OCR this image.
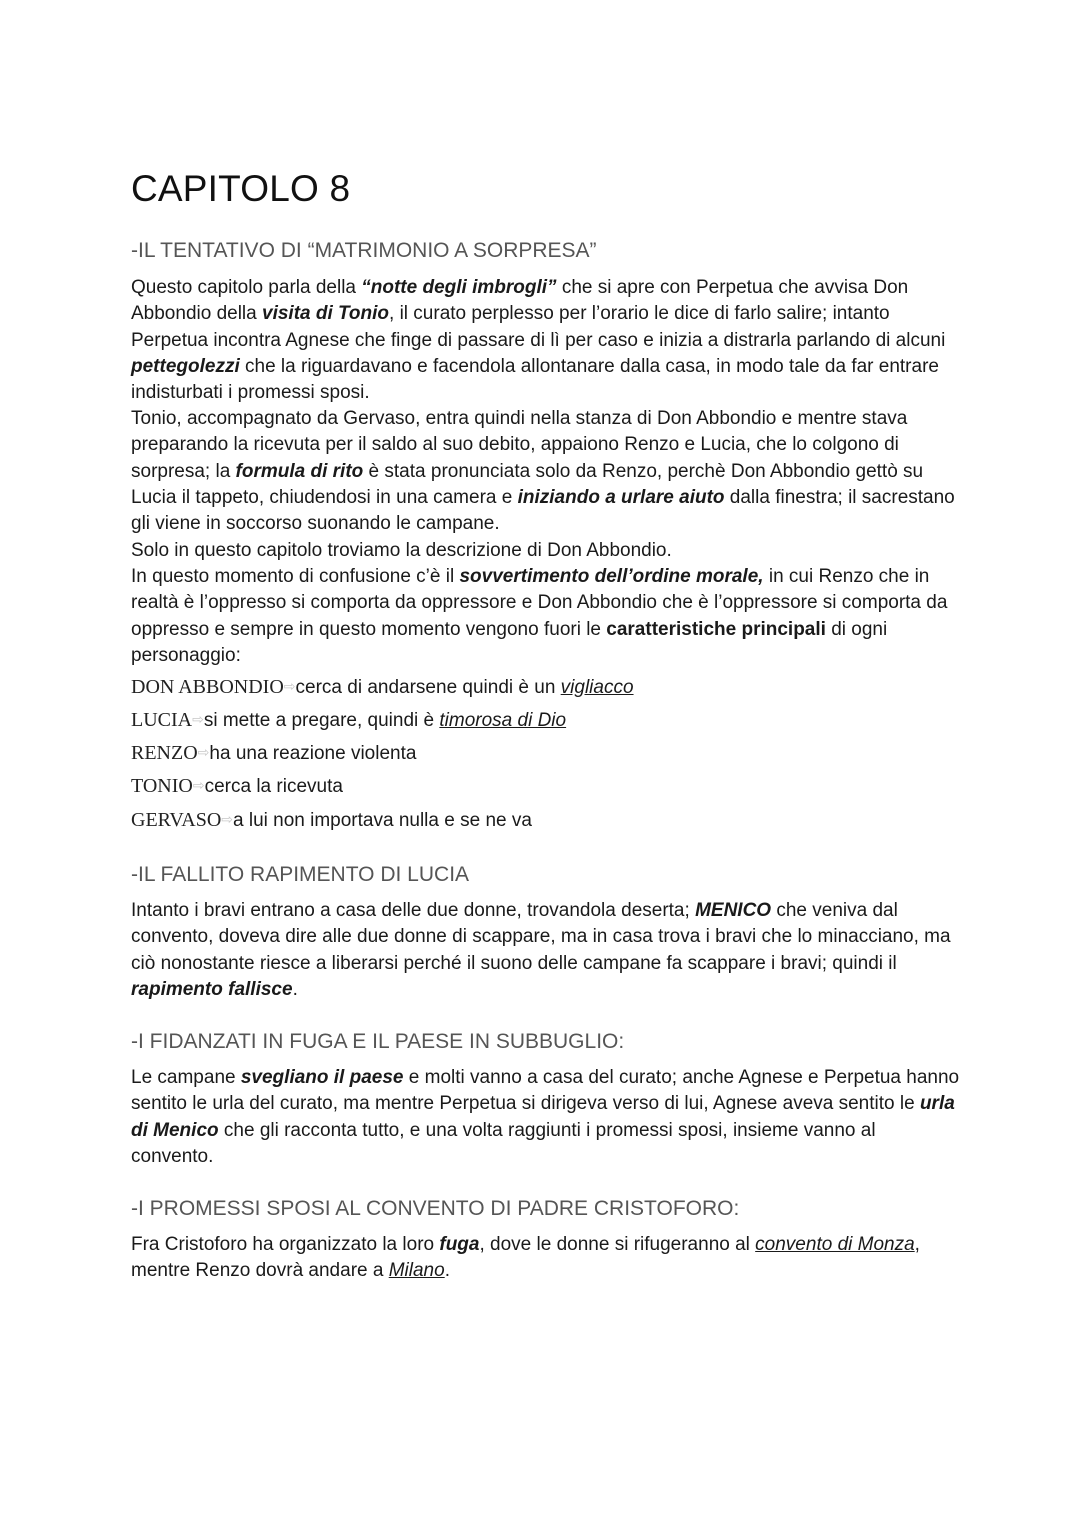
CAPITOLO 8
-IL TENTATIVO DI “MATRIMONIO A SORPRESA”

Questo capitolo parla della “notte degli imbrogli” che si apre con Perpetua che avvisa Don Abbondio della visita di Tonio, il curato perplesso per l’orario le dice di farlo salire; intanto Perpetua incontra Agnese che finge di passare di lì per caso e inizia a distrarla parlando di alcuni pettegolezzi che la riguardavano e facendola allontanare dalla casa, in modo tale da far entrare indisturbati i promessi sposi.

Tonio, accompagnato da Gervaso, entra quindi nella stanza di Don Abbondio e mentre stava preparando la ricevuta per il saldo al suo debito, appaiono Renzo e Lucia, che lo colgono di sorpresa; la formula di rito è stata pronunciata solo da Renzo, perchè Don Abbondio gettò su Lucia il tappeto, chiudendosi in una camera e iniziando a urlare aiuto dalla finestra; il sacrestano gli viene in soccorso suonando le campane.

Solo in questo capitolo troviamo la descrizione di Don Abbondio.

In questo momento di confusione c’è il sovvertimento dell’ordine morale, in cui Renzo che in realtà è l’oppresso si comporta da oppressore e Don Abbondio che è l’oppressore si comporta da oppresso e sempre in questo momento vengono fuori le caratteristiche principali di ogni personaggio:

DON ABBONDIO⇨cerca di andarsene quindi è un vigliacco
LUCIA⇨si mette a pregare, quindi è timorosa di Dio
RENZO⇨ha una reazione violenta
TONIO⇨cerca la ricevuta
GERVASO⇨a lui non importava nulla e se ne va
-IL FALLITO RAPIMENTO DI LUCIA

Intanto i bravi entrano a casa delle due donne, trovandola deserta; MENICO che veniva dal convento, doveva dire alle due donne di scappare, ma in casa trova i bravi che lo minacciano, ma ciò nonostante riesce a liberarsi perché il suono delle campane fa scappare i bravi; quindi il rapimento fallisce.

-I FIDANZATI IN FUGA E IL PAESE IN SUBBUGLIO:

Le campane svegliano il paese e molti vanno a casa del curato; anche Agnese e Perpetua hanno sentito le urla del curato, ma mentre Perpetua si dirigeva verso di lui, Agnese aveva sentito le urla di Menico che gli racconta tutto, e una volta raggiunti i promessi sposi, insieme vanno al convento.

-I PROMESSI SPOSI AL CONVENTO DI PADRE CRISTOFORO:

Fra Cristoforo ha organizzato la loro fuga, dove le donne si rifugeranno al convento di Monza, mentre Renzo dovrà andare a Milano.
